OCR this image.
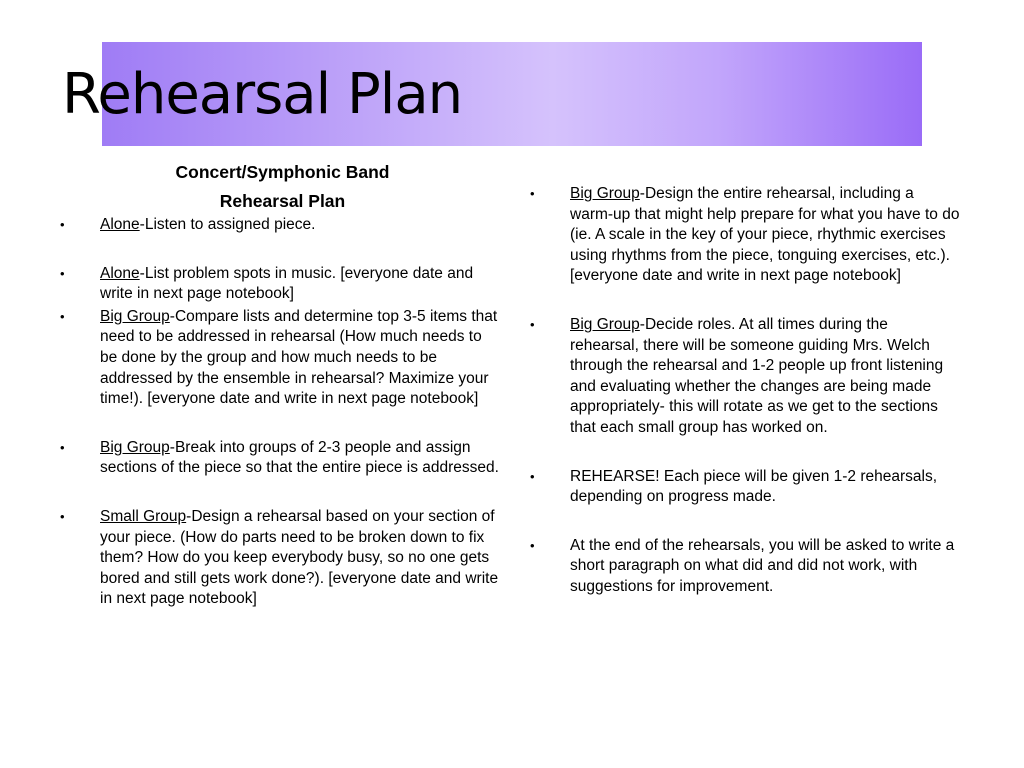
Rehearsal Plan
Concert/Symphonic Band
Rehearsal Plan
•	Alone-Listen to assigned piece.
•	Alone-List problem spots in music. [everyone date and write in next page notebook]
•	Big Group-Compare lists and determine top 3-5 items that need to be addressed in rehearsal (How much needs to be done by the group and how much needs to be addressed by the ensemble in rehearsal? Maximize your time!). [everyone date and write in next page notebook]
•	Big Group-Break into groups of 2-3 people and assign sections of the piece so that the entire piece is addressed.
•	Small Group-Design a rehearsal based on your section of your piece. (How do parts need to be broken down to fix them? How do you keep everybody busy, so no one gets bored and still gets work done?). [everyone date and write in next page notebook]
•	Big Group-Design the entire rehearsal, including a warm-up that might help prepare for what you have to do (ie. A scale in the key of your piece, rhythmic exercises using rhythms from the piece, tonguing exercises, etc.). [everyone date and write in next page notebook]
•	Big Group-Decide roles. At all times during the rehearsal, there will be someone guiding Mrs. Welch through the rehearsal and 1-2 people up front listening and evaluating whether the changes are being made appropriately- this will rotate as we get to the sections that each small group has worked on.
•	REHEARSE! Each piece will be given 1-2 rehearsals, depending on progress made.
•	At the end of the rehearsals, you will be asked to write a short paragraph on what did and did not work, with suggestions for improvement.
